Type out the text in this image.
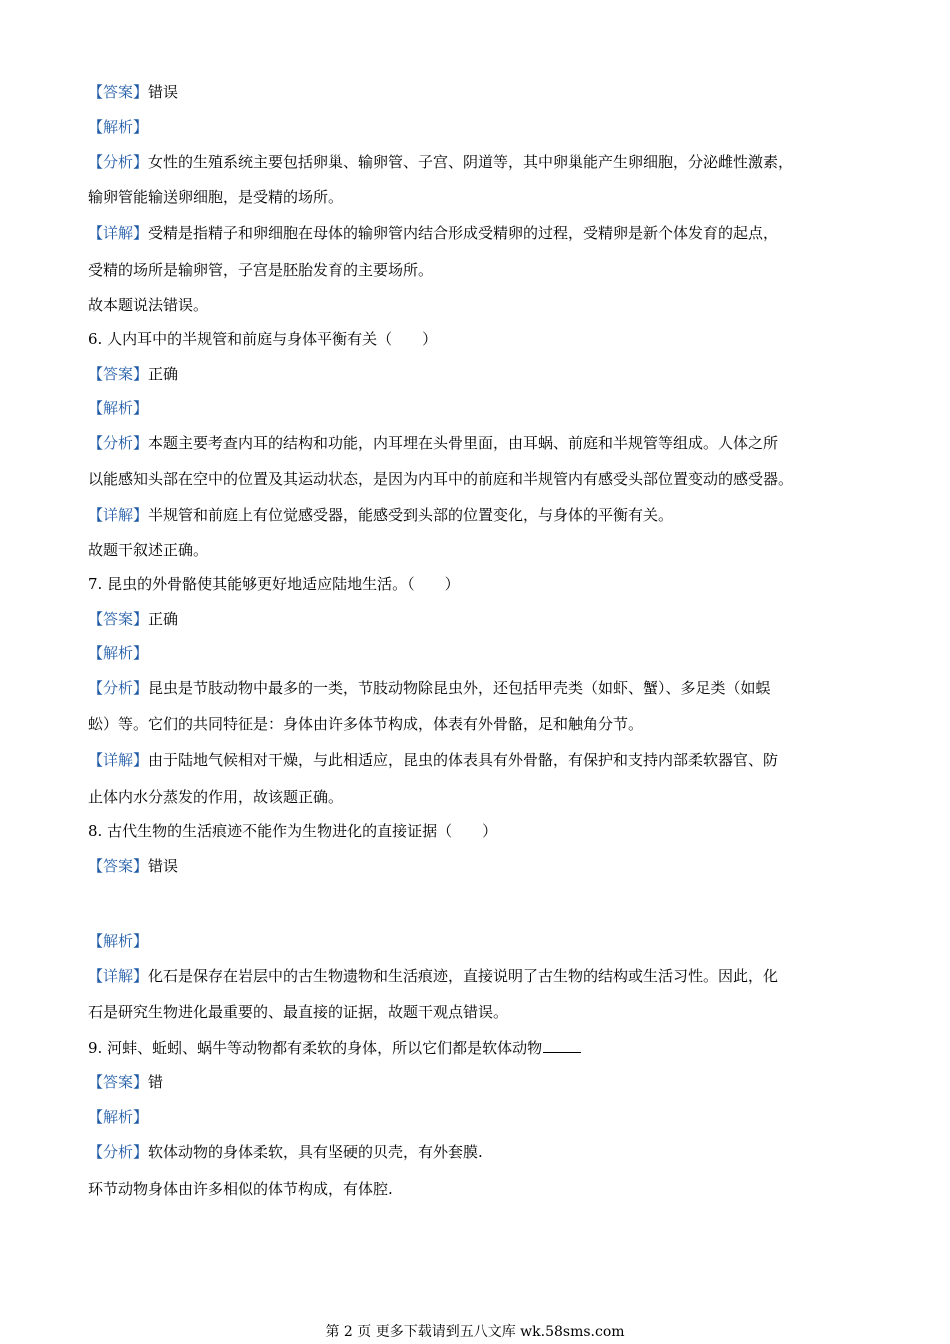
【答案】错误
【解析】
【分析】女性的生殖系统主要包括卵巢、输卵管、子宫、阴道等，其中卵巢能产生卵细胞，分泌雌性激素，
输卵管能输送卵细胞，是受精的场所。
【详解】受精是指精子和卵细胞在母体的输卵管内结合形成受精卵的过程，受精卵是新个体发育的起点，
受精的场所是输卵管，子宫是胚胎发育的主要场所。
故本题说法错误。
6. 人内耳中的半规管和前庭与身体平衡有关（　　）
【答案】正确
【解析】
【分析】本题主要考查内耳的结构和功能，内耳埋在头骨里面，由耳蜗、前庭和半规管等组成。人体之所
以能感知头部在空中的位置及其运动状态，是因为内耳中的前庭和半规管内有感受头部位置变动的感受器。
【详解】半规管和前庭上有位觉感受器，能感受到头部的位置变化，与身体的平衡有关。
故题干叙述正确。
7. 昆虫的外骨骼使其能够更好地适应陆地生活。（　　）
【答案】正确
【解析】
【分析】昆虫是节肢动物中最多的一类，节肢动物除昆虫外，还包括甲壳类（如虾、蟹）、多足类（如蜈
蚣）等。它们的共同特征是：身体由许多体节构成，体表有外骨骼，足和触角分节。
【详解】由于陆地气候相对干燥，与此相适应，昆虫的体表具有外骨骼，有保护和支持内部柔软器官、防
止体内水分蒸发的作用，故该题正确。
8. 古代生物的生活痕迹不能作为生物进化的直接证据（　　）
【答案】错误
【解析】
【详解】化石是保存在岩层中的古生物遗物和生活痕迹，直接说明了古生物的结构或生活习性。因此，化
石是研究生物进化最重要的、最直接的证据，故题干观点错误。
9. 河蚌、蚯蚓、蜗牛等动物都有柔软的身体，所以它们都是软体动物
【答案】错
【解析】
【分析】软体动物的身体柔软，具有坚硬的贝壳，有外套膜.
环节动物身体由许多相似的体节构成，有体腔.
第 2 页 更多下载请到五八文库 wk.58sms.com
